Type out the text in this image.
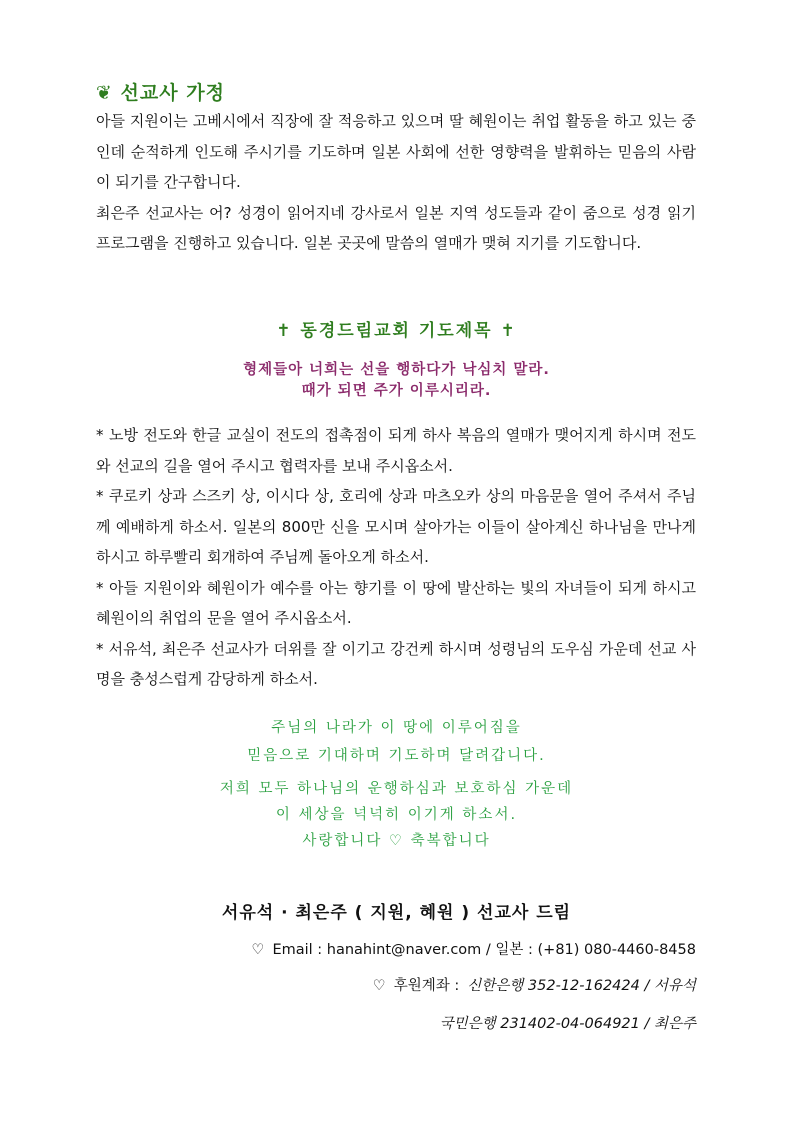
❦ 선교사 가정

아들 지원이는 고베시에서 직장에 잘 적응하고 있으며 딸 혜원이는 취업 활동을 하고 있는 중인데 순적하게 인도해 주시기를 기도하며 일본 사회에 선한 영향력을 발휘하는 믿음의 사람이 되기를 간구합니다.

최은주 선교사는 어? 성경이 읽어지네 강사로서 일본 지역 성도들과 같이 줌으로 성경 읽기 프로그램을 진행하고 있습니다. 일본 곳곳에 말씀의 열매가 맺혀 지기를 기도합니다.

✝ 동경드림교회 기도제목 ✝
형제들아 너희는 선을 행하다가 낙심치 말라.
때가 되면 주가 이루시리라.

* 노방 전도와 한글 교실이 전도의 접촉점이 되게 하사 복음의 열매가 맺어지게 하시며 전도와 선교의 길을 열어 주시고 협력자를 보내 주시옵소서.

* 쿠로키 상과 스즈키 상, 이시다 상, 호리에 상과 마츠오카 상의 마음문을 열어 주셔서 주님께 예배하게 하소서. 일본의 800만 신을 모시며 살아가는 이들이 살아계신 하나님을 만나게 하시고 하루빨리 회개하여 주님께 돌아오게 하소서.

* 아들 지원이와 혜원이가 예수를 아는 향기를 이 땅에 발산하는 빛의 자녀들이 되게 하시고 혜원이의 취업의 문을 열어 주시옵소서.

* 서유석, 최은주 선교사가 더위를 잘 이기고 강건케 하시며 성령님의 도우심 가운데 선교 사명을 충성스럽게 감당하게 하소서.

주님의 나라가 이 땅에 이루어짐을
믿음으로 기대하며 기도하며 달려갑니다.
저희 모두 하나님의 운행하심과 보호하심 가운데
이 세상을 넉넉히 이기게 하소서.
사랑합니다 ♡ 축복합니다
서유석 · 최은주 ( 지원, 혜원 ) 선교사 드림
♡ Email : hanahint@naver.com / 일본 : (+81) 080-4460-8458
♡ 후원계좌 : 신한은행 352-12-162424 / 서유석
국민은행 231402-04-064921 / 최은주
